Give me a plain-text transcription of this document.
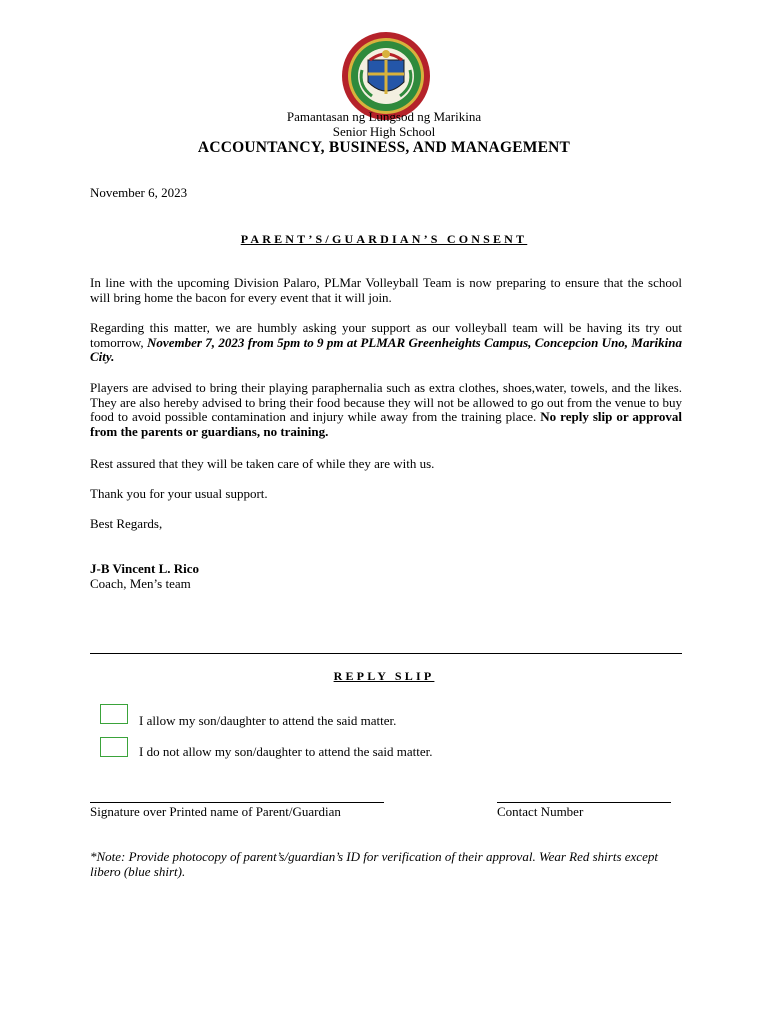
Pamantasan ng Lungsod ng Marikina
Senior High School
ACCOUNTANCY, BUSINESS, AND MANAGEMENT
November 6, 2023
PARENT’S/GUARDIAN’S CONSENT
In line with the upcoming Division Palaro, PLMar Volleyball Team is now preparing to ensure that the school will bring home the bacon for every event that it will join.
Regarding this matter, we are humbly asking your support as our volleyball team will be having its try out tomorrow, November 7, 2023 from 5pm to 9 pm at PLMAR Greenheights Campus, Concepcion Uno, Marikina City.
Players are advised to bring their playing paraphernalia such as extra clothes, shoes,water, towels, and the likes. They are also hereby advised to bring their food because they will not be allowed to go out from the venue to buy food to avoid possible contamination and injury while away from the training place. No reply slip or approval from the parents or guardians, no training.
Rest assured that they will be taken care of while they are with us.
Thank you for your usual support.
Best Regards,
J-B Vincent L. Rico
Coach, Men’s team
REPLY SLIP
I allow my son/daughter to attend the said matter.
I do not allow my son/daughter to attend the said matter.
Signature over Printed name of Parent/Guardian	Contact Number
*Note: Provide photocopy of parent’s/guardian’s ID for verification of their approval. Wear Red shirts except libero (blue shirt).
